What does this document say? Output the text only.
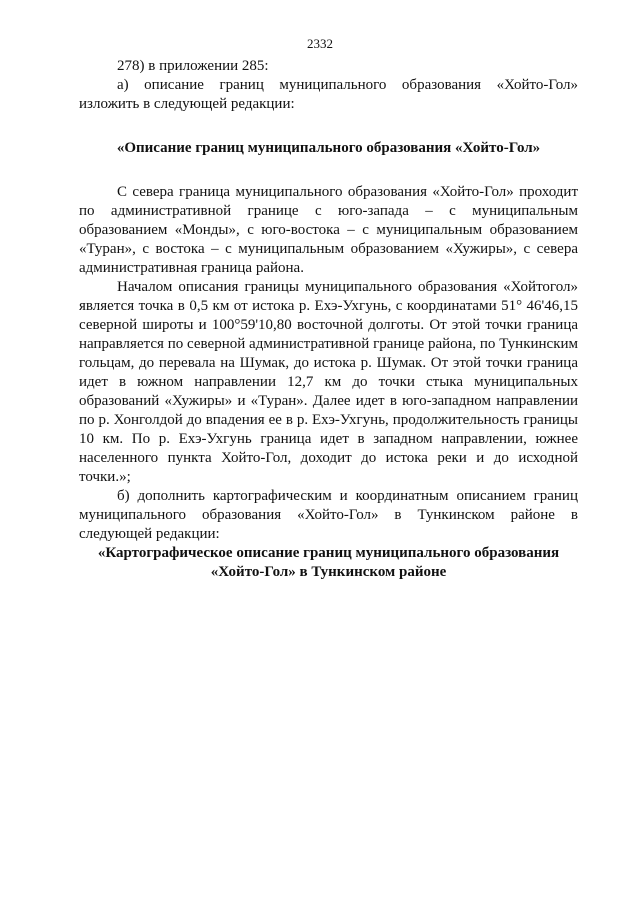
2332

278) в приложении 285:

а) описание границ муниципального образования «Хойто-Гол» изложить в следующей редакции:

«Описание границ муниципального образования «Хойто-Гол»

С севера граница муниципального образования «Хойто-Гол» проходит по административной границе с юго-запада – с муниципальным образованием «Монды», с юго-востока – с муниципальным образованием «Туран», с востока – с муниципальным образованием «Хужиры», с севера административная граница района.

Началом описания границы муниципального образования «Хойтогол» является точка в 0,5 км от истока р. Ехэ-Ухгунь, с координатами 51° 46'46,15 северной широты и 100°59'10,80 восточной долготы. От этой точки граница направляется по северной административной границе района, по Тункинским гольцам, до перевала на Шумак, до истока р. Шумак. От этой точки граница идет в южном направлении 12,7 км до точки стыка муниципальных образований «Хужиры» и «Туран». Далее идет в юго-западном направлении по р. Хонголдой до впадения ее в р. Ехэ-Ухгунь, продолжительность границы 10 км. По р. Ехэ-Ухгунь граница идет в западном направлении, южнее населенного пункта Хойто-Гол, доходит до истока реки и до исходной точки.»;

б) дополнить картографическим и координатным описанием границ муниципального образования «Хойто-Гол» в Тункинском районе в следующей редакции:

«Картографическое описание границ муниципального образования «Хойто-Гол» в Тункинском районе
